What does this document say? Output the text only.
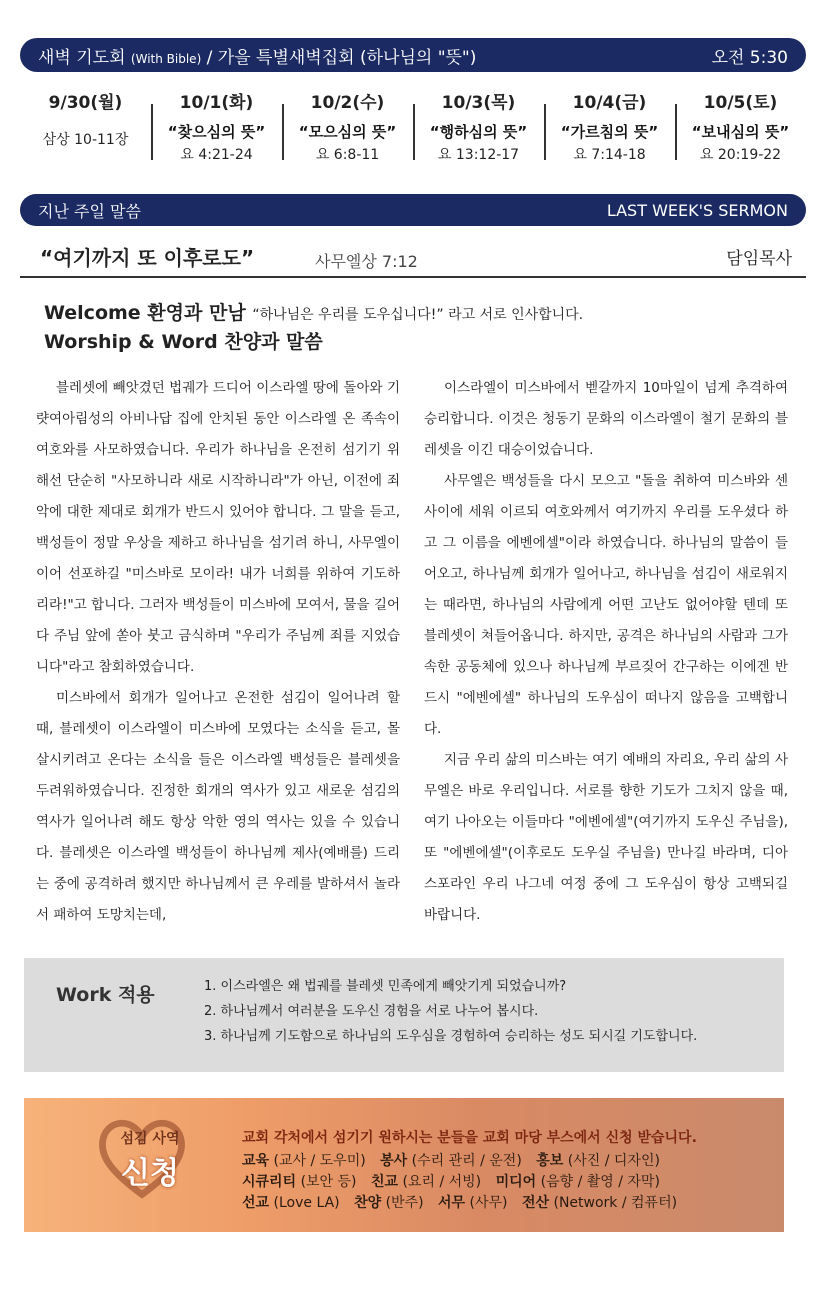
새벽 기도회 (With Bible) / 가을 특별새벽집회 (하나님의 "뜻")	오전 5:30
9/30(월)
삼상 10-11장
10/1(화)
“찾으심의 뜻”
요 4:21-24
10/2(수)
“모으심의 뜻”
요 6:8-11
10/3(목)
“행하심의 뜻”
요 13:12-17
10/4(금)
“가르침의 뜻”
요 7:14-18
10/5(토)
“보내심의 뜻”
요 20:19-22
지난 주일 말씀	LAST WEEK'S SERMON
“여기까지 또 이후로도”	사무엘상 7:12	담임목사
Welcome 환영과 만남 “하나님은 우리를 도우십니다!” 라고 서로 인사합니다.
Worship & Word 찬양과 말씀

블레셋에 빼앗겼던 법궤가 드디어 이스라엘 땅에 돌아와 기럇여아림성의 아비나답 집에 안치된 동안 이스라엘 온 족속이 여호와를 사모하였습니다. 우리가 하나님을 온전히 섬기기 위해선 단순히 "사모하니라 새로 시작하니라"가 아닌, 이전에 죄악에 대한 제대로 회개가 반드시 있어야 합니다. 그 말을 듣고, 백성들이 정말 우상을 제하고 하나님을 섬기려 하니, 사무엘이 이어 선포하길 "미스바로 모이라! 내가 너희를 위하여 기도하리라!"고 합니다. 그러자 백성들이 미스바에 모여서, 물을 길어다 주님 앞에 쏟아 붓고 금식하며 "우리가 주님께 죄를 지었습니다"라고 참회하였습니다.

미스바에서 회개가 일어나고 온전한 섬김이 일어나려 할 때, 블레셋이 이스라엘이 미스바에 모였다는 소식을 듣고, 몰살시키려고 온다는 소식을 들은 이스라엘 백성들은 블레셋을 두려워하였습니다. 진정한 회개의 역사가 있고 새로운 섬김의 역사가 일어나려 해도 항상 악한 영의 역사는 있을 수 있습니다. 블레셋은 이스라엘 백성들이 하나님께 제사(예배를) 드리는 중에 공격하려 했지만 하나님께서 큰 우레를 발하셔서 놀라서 패하여 도망치는데,

이스라엘이 미스바에서 벧갈까지 10마일이 넘게 추격하여 승리합니다. 이것은 청동기 문화의 이스라엘이 철기 문화의 블레셋을 이긴 대승이었습니다.

사무엘은 백성들을 다시 모으고 "돌을 취하여 미스바와 센 사이에 세워 이르되 여호와께서 여기까지 우리를 도우셨다 하고 그 이름을 에벤에셀"이라 하였습니다. 하나님의 말씀이 들어오고, 하나님께 회개가 일어나고, 하나님을 섬김이 새로워지는 때라면, 하나님의 사람에게 어떤 고난도 없어야할 텐데 또 블레셋이 쳐들어옵니다. 하지만, 공격은 하나님의 사람과 그가 속한 공동체에 있으나 하나님께 부르짖어 간구하는 이에겐 반드시 "에벤에셀" 하나님의 도우심이 떠나지 않음을 고백합니다.

지금 우리 삶의 미스바는 여기 예배의 자리요, 우리 삶의 사무엘은 바로 우리입니다. 서로를 향한 기도가 그치지 않을 때, 여기 나아오는 이들마다 "에벤에셀"(여기까지 도우신 주님을), 또 "에벤에셀"(이후로도 도우실 주님을) 만나길 바라며, 디아스포라인 우리 나그네 여정 중에 그 도우심이 항상 고백되길 바랍니다.

Work 적용	1. 이스라엘은 왜 법궤를 블레셋 민족에게 빼앗기게 되었습니까?
2. 하나님께서 여러분을 도우신 경험을 서로 나누어 봅시다.
3. 하나님께 기도함으로 하나님의 도우심을 경험하여 승리하는 성도 되시길 기도합니다.
섬김 사역
신청
교회 각처에서 섬기기 원하시는 분들을 교회 마당 부스에서 신청 받습니다.
교육 (교사 / 도우미) 봉사 (수리 관리 / 운전) 홍보 (사진 / 디자인)
시큐리티 (보안 등) 친교 (요리 / 서빙) 미디어 (음향 / 촬영 / 자막)
선교 (Love LA) 찬양 (반주) 서무 (사무) 전산 (Network / 컴퓨터)
